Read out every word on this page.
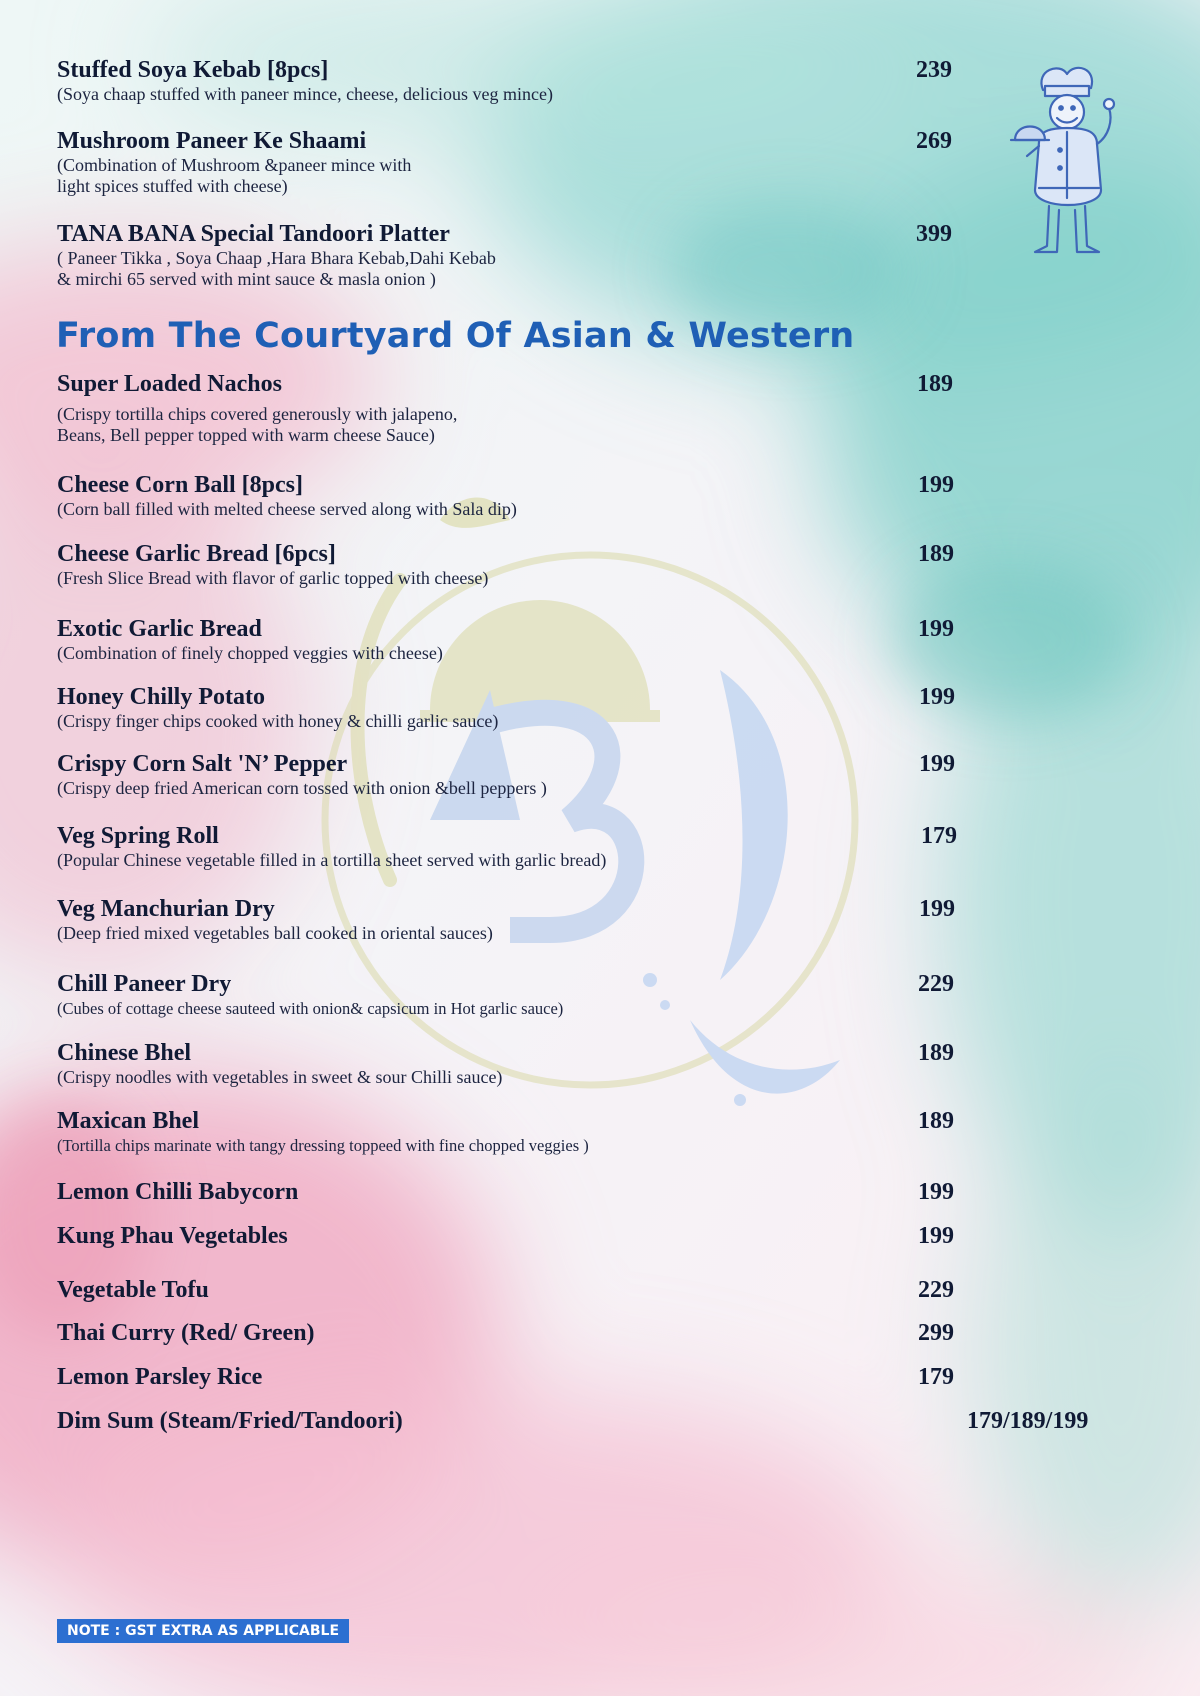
Stuffed Soya Kebab [8pcs]
(Soya chaap stuffed with paneer mince, cheese, delicious veg mince)
239
Mushroom Paneer Ke Shaami
(Combination of Mushroom &paneer mince with
light spices stuffed with cheese)
269
TANA BANA Special Tandoori Platter
( Paneer Tikka , Soya Chaap ,Hara Bhara Kebab,Dahi Kebab
& mirchi 65 served with mint sauce & masla onion )
399
From The Courtyard Of Asian & Western
Super Loaded Nachos
(Crispy tortilla chips covered generously with jalapeno,
Beans, Bell pepper topped with warm cheese Sauce)
189
Cheese Corn Ball [8pcs]
(Corn ball filled with melted cheese served along with Sala dip)
199
Cheese Garlic Bread [6pcs]
(Fresh Slice Bread with flavor of garlic topped with cheese)
189
Exotic Garlic Bread
(Combination of finely chopped veggies with cheese)
199
Honey Chilly Potato
(Crispy finger chips cooked with honey & chilli garlic sauce)
199
Crispy Corn Salt 'N’ Pepper
(Crispy deep fried American corn tossed with onion &bell peppers )
199
Veg Spring Roll
(Popular Chinese vegetable filled in a tortilla sheet served with garlic bread)
179
Veg Manchurian Dry
(Deep fried mixed vegetables ball cooked in oriental sauces)
199
Chill Paneer Dry
(Cubes of cottage cheese sauteed with onion& capsicum in Hot garlic sauce)
229
Chinese Bhel
(Crispy noodles with vegetables in sweet & sour Chilli sauce)
189
Maxican Bhel
(Tortilla chips marinate with tangy dressing toppeed with fine chopped veggies )
189
Lemon Chilli Babycorn	199
Kung Phau Vegetables	199
Vegetable Tofu	229
Thai Curry (Red/ Green)	299
Lemon Parsley Rice	179
Dim Sum (Steam/Fried/Tandoori)	179/189/199
NOTE : GST EXTRA AS APPLICABLE
